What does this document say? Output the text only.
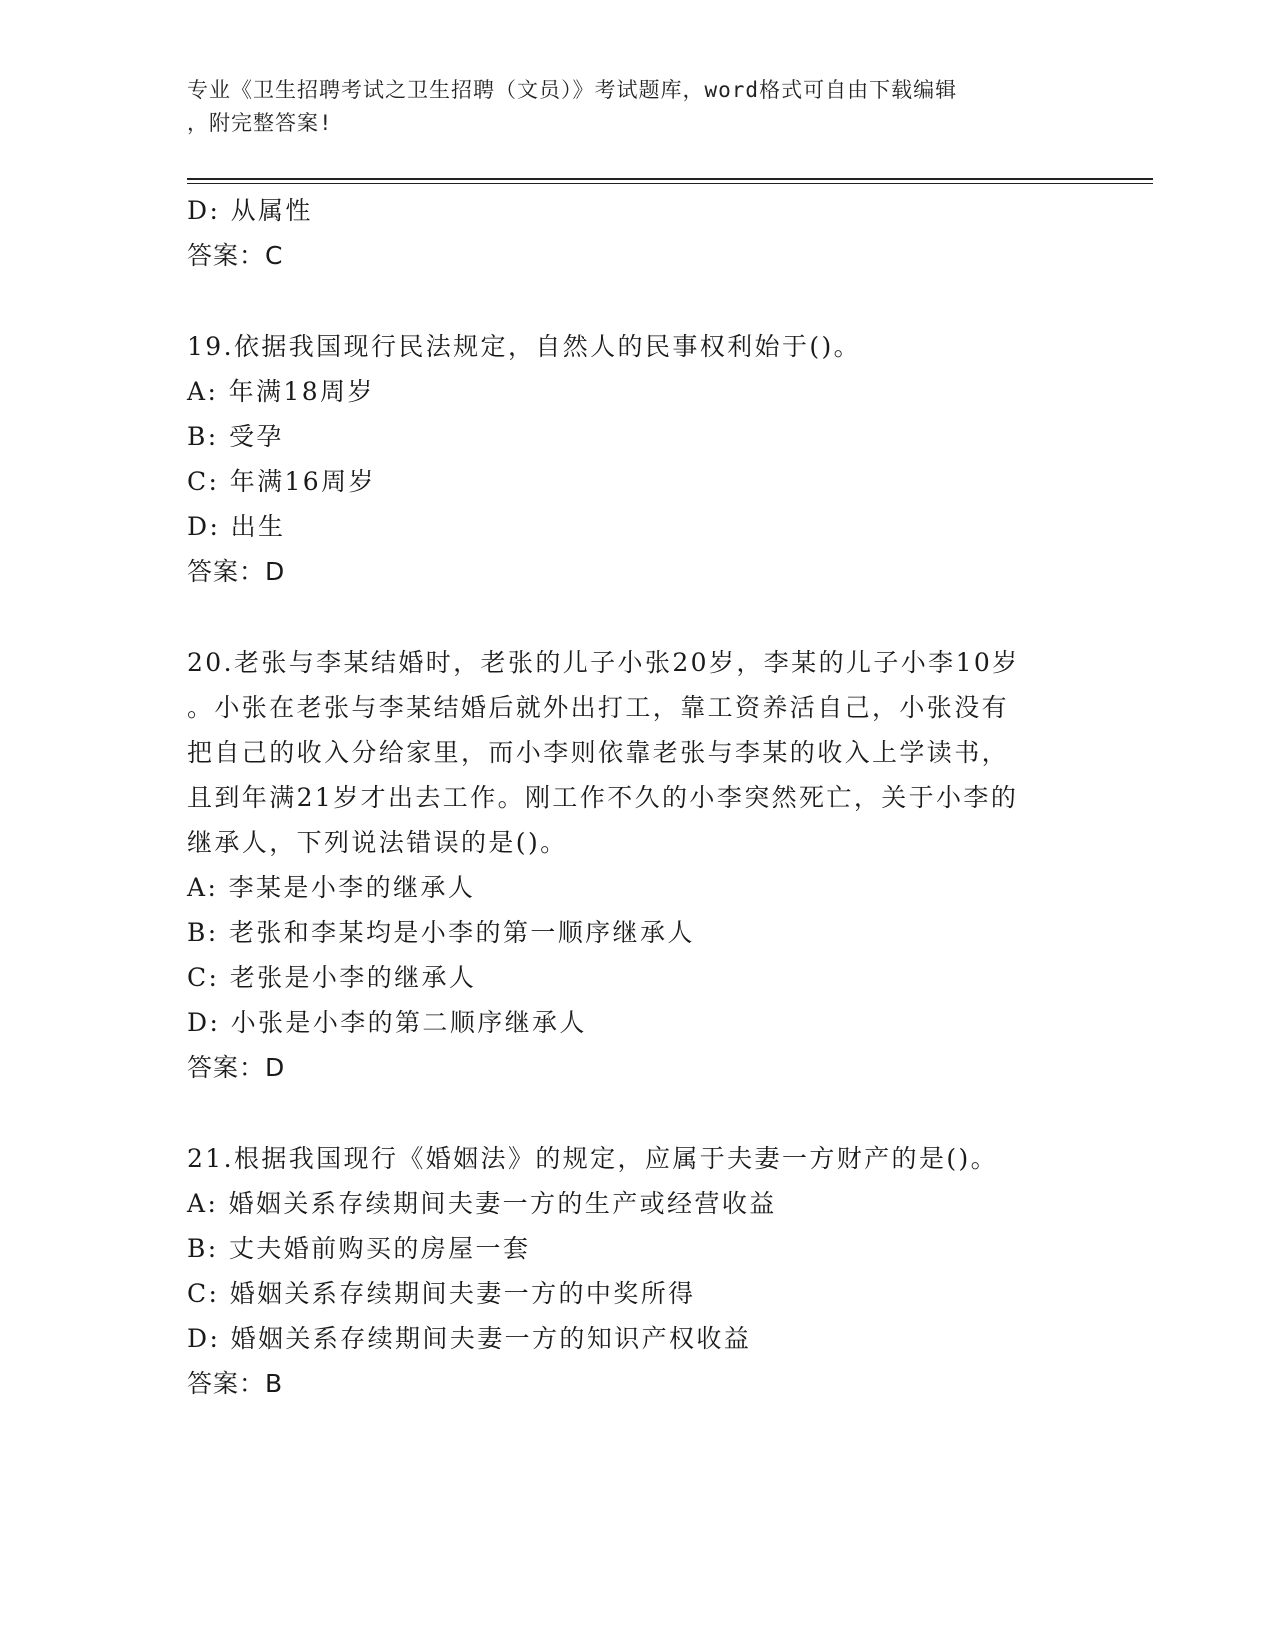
专业《卫生招聘考试之卫生招聘（文员）》考试题库，word格式可自由下载编辑
，附完整答案!
D: 从属性
答案：C
19.依据我国现行民法规定，自然人的民事权利始于()。
A: 年满18周岁
B: 受孕
C: 年满16周岁
D: 出生
答案：D
20.老张与李某结婚时，老张的儿子小张20岁，李某的儿子小李10岁
。小张在老张与李某结婚后就外出打工，靠工资养活自己，小张没有
把自己的收入分给家里，而小李则依靠老张与李某的收入上学读书，
且到年满21岁才出去工作。刚工作不久的小李突然死亡，关于小李的
继承人，下列说法错误的是()。
A: 李某是小李的继承人
B: 老张和李某均是小李的第一顺序继承人
C: 老张是小李的继承人
D: 小张是小李的第二顺序继承人
答案：D
21.根据我国现行《婚姻法》的规定，应属于夫妻一方财产的是()。
A: 婚姻关系存续期间夫妻一方的生产或经营收益
B: 丈夫婚前购买的房屋一套
C: 婚姻关系存续期间夫妻一方的中奖所得
D: 婚姻关系存续期间夫妻一方的知识产权收益
答案：B
